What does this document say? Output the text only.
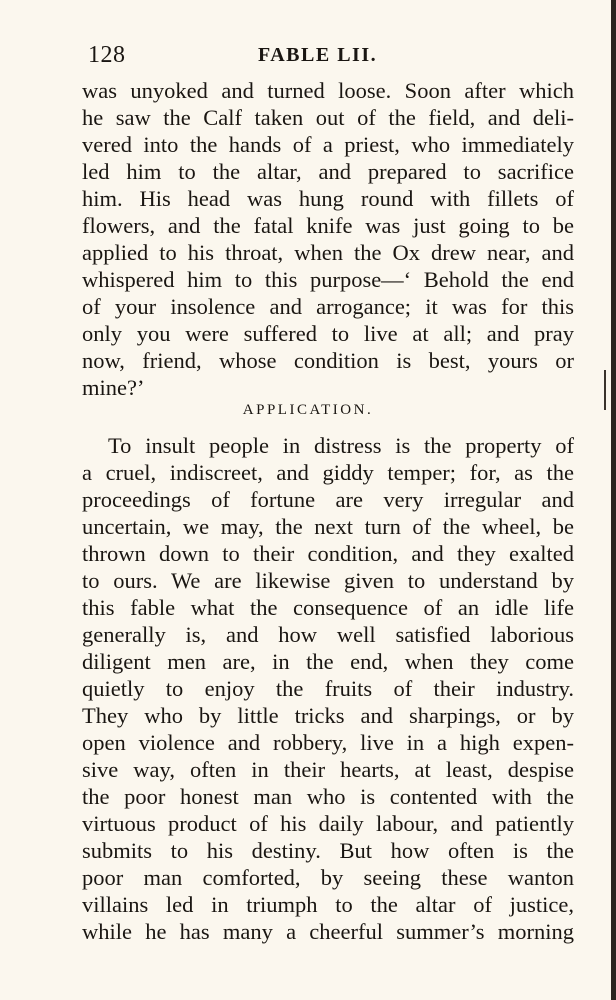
128	FABLE LII.
was unyoked and turned loose. Soon after which
he saw the Calf taken out of the field, and deli-
vered into the hands of a priest, who immediately
led him to the altar, and prepared to sacrifice
him. His head was hung round with fillets of
flowers, and the fatal knife was just going to be
applied to his throat, when the Ox drew near, and
whispered him to this purpose—‘ Behold the end
of your insolence and arrogance; it was for this
only you were suffered to live at all; and pray
now, friend, whose condition is best, yours or
mine?’
APPLICATION.
To insult people in distress is the property of
a cruel, indiscreet, and giddy temper; for, as the
proceedings of fortune are very irregular and
uncertain, we may, the next turn of the wheel, be
thrown down to their condition, and they exalted
to ours. We are likewise given to understand by
this fable what the consequence of an idle life
generally is, and how well satisfied laborious
diligent men are, in the end, when they come
quietly to enjoy the fruits of their industry.
They who by little tricks and sharpings, or by
open violence and robbery, live in a high expen-
sive way, often in their hearts, at least, despise
the poor honest man who is contented with the
virtuous product of his daily labour, and patiently
submits to his destiny. But how often is the
poor man comforted, by seeing these wanton
villains led in triumph to the altar of justice,
while he has many a cheerful summer’s morning
